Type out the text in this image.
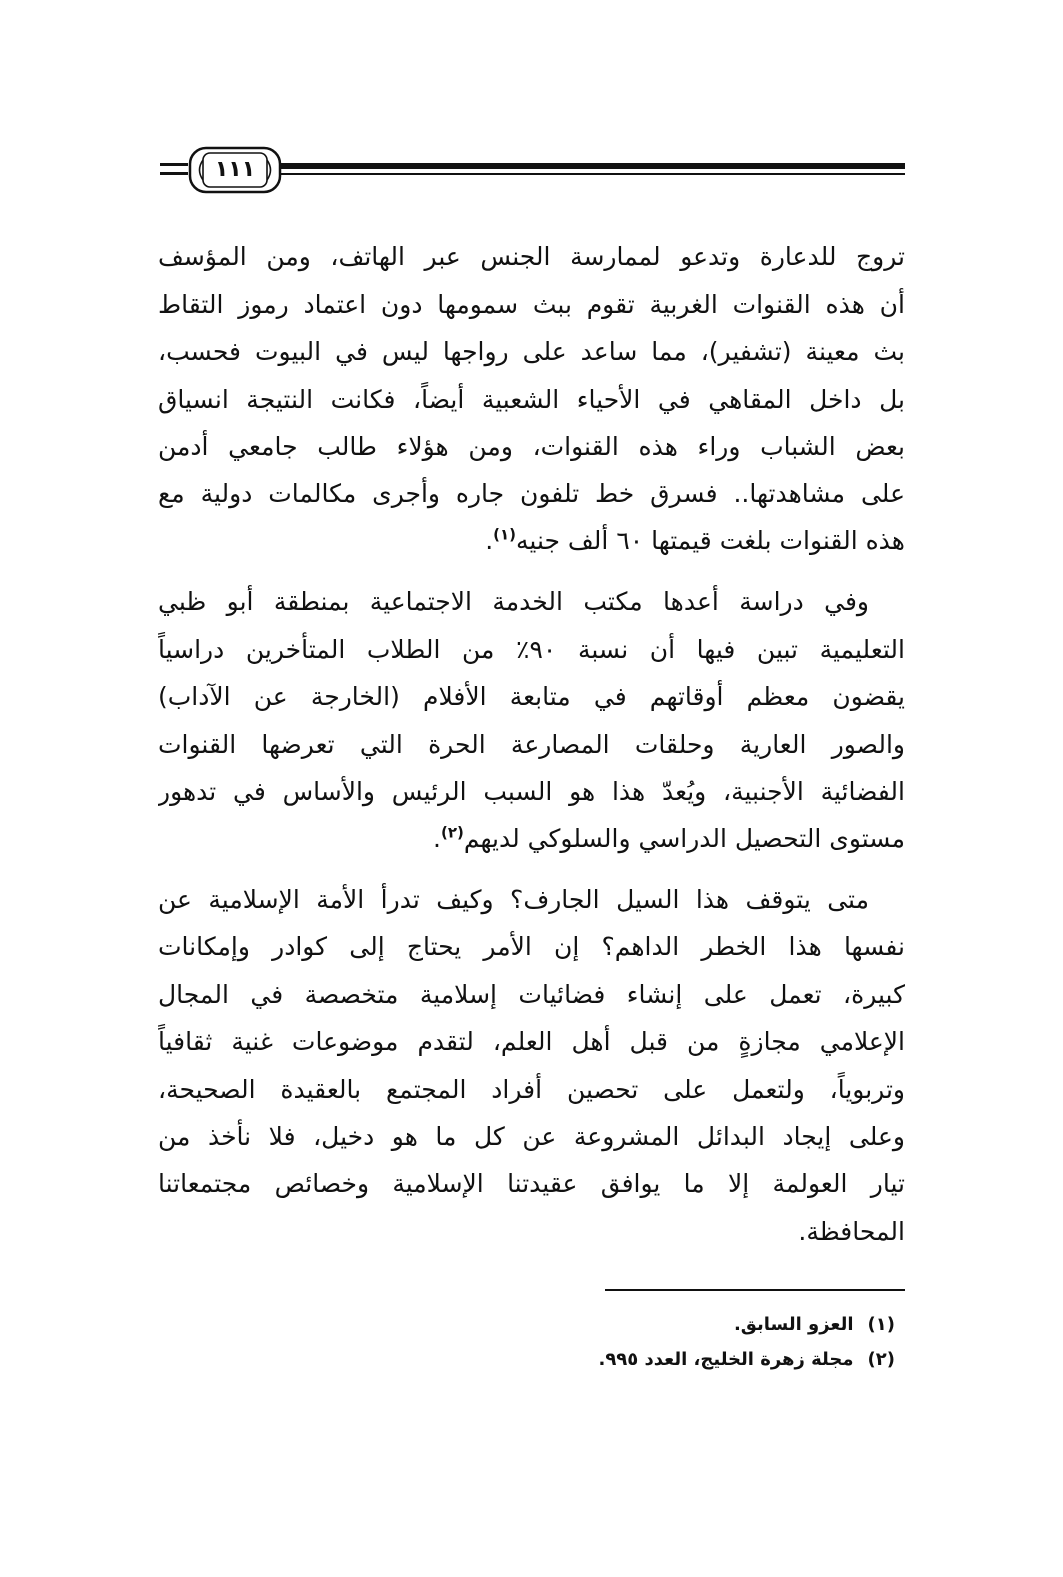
١١١
تروج للدعارة وتدعو لممارسة الجنس عبر الهاتف، ومن المؤسف
أن هذه القنوات الغربية تقوم ببث سمومها دون اعتماد رموز التقاط
بث معينة (تشفير)، مما ساعد على رواجها ليس في البيوت فحسب،
بل داخل المقاهي في الأحياء الشعبية أيضاً، فكانت النتيجة انسياق
بعض الشباب وراء هذه القنوات، ومن هؤلاء طالب جامعي أدمن
على مشاهدتها.. فسرق خط تلفون جاره وأجرى مكالمات دولية مع
هذه القنوات بلغت قيمتها ٦٠ ألف جنيه$^{(١)}$.
وفي دراسة أعدها مكتب الخدمة الاجتماعية بمنطقة أبو ظبي
التعليمية تبين فيها أن نسبة ٩٠٪ من الطلاب المتأخرين دراسياً
يقضون معظم أوقاتهم في متابعة الأفلام (الخارجة عن الآداب)
والصور العارية وحلقات المصارعة الحرة التي تعرضها القنوات
الفضائية الأجنبية، ويُعدّ هذا هو السبب الرئيس والأساس في تدهور
مستوى التحصيل الدراسي والسلوكي لديهم$^{(٢)}$.
متى يتوقف هذا السيل الجارف؟ وكيف تدرأ الأمة الإسلامية عن
نفسها هذا الخطر الداهم؟ إن الأمر يحتاج إلى كوادر وإمكانات
كبيرة، تعمل على إنشاء فضائيات إسلامية متخصصة في المجال
الإعلامي مجازةٍ من قبل أهل العلم، لتقدم موضوعات غنية ثقافياً
وتربوياً، ولتعمل على تحصين أفراد المجتمع بالعقيدة الصحيحة،
وعلى إيجاد البدائل المشروعة عن كل ما هو دخيل، فلا نأخذ من
تيار العولمة إلا ما يوافق عقيدتنا الإسلامية وخصائص مجتمعاتنا
المحافظة.
(١)العزو السابق.
(٢)مجلة زهرة الخليج، العدد ٩٩٥.
